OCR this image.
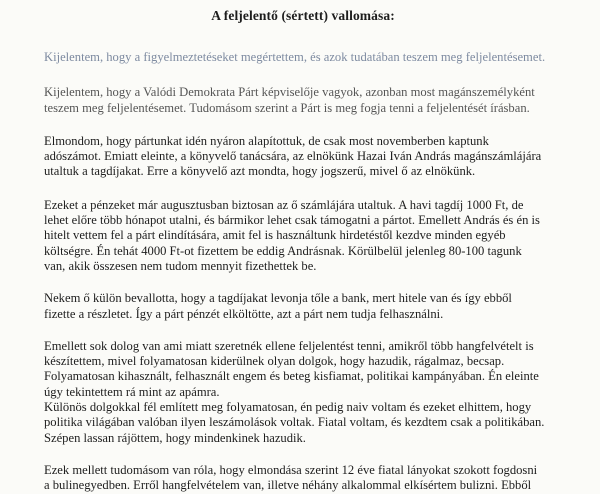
A feljelentő (sértett) vallomása:

Kijelentem, hogy a figyelmeztetéseket megértettem, és azok tudatában teszem meg feljelentésemet.

Kijelentem, hogy a Valódi Demokrata Párt képviselője vagyok, azonban most magánszemélyként
teszem meg feljelentésemet. Tudomásom szerint a Párt is meg fogja tenni a feljelentését írásban.

Elmondom, hogy pártunkat idén nyáron alapítottuk, de csak most novemberben kaptunk
adószámot. Emiatt eleinte, a könyvelő tanácsára, az elnökünk Hazai Iván András magánszámlájára
utaltuk a tagdíjakat. Erre a könyvelő azt mondta, hogy jogszerű, mivel ő az elnökünk.

Ezeket a pénzeket már augusztusban biztosan az ő számlájára utaltuk. A havi tagdíj 1000 Ft, de
lehet előre több hónapot utalni, és bármikor lehet csak támogatni a pártot. Emellett András és én is
hitelt vettem fel a párt elindítására, amit fel is használtunk hirdetéstől kezdve minden egyéb
költségre. Én tehát 4000 Ft-ot fizettem be eddig Andrásnak. Körülbelül jelenleg 80-100 tagunk
van, akik összesen nem tudom mennyit fizethettek be.

Nekem ő külön bevallotta, hogy a tagdíjakat levonja tőle a bank, mert hitele van és így ebből
fizette a részletet. Így a párt pénzét elköltötte, azt a párt nem tudja felhasználni.

Emellett sok dolog van ami miatt szeretnék ellene feljelentést tenni, amikről több hangfelvételt is
készítettem, mivel folyamatosan kiderülnek olyan dolgok, hogy hazudik, rágalmaz, becsap.
Folyamatosan kihasznált, felhasznált engem és beteg kisfiamat, politikai kampányában. Én eleinte
úgy tekintettem rá mint az apámra.
Különös dolgokkal fél említett meg folyamatosan, én pedig naiv voltam és ezeket elhittem, hogy
politika világában valóban ilyen leszámolások voltak. Fiatal voltam, és kezdtem csak a politikában.
Szépen lassan rájöttem, hogy mindenkinek hazudik.

Ezek mellett tudomásom van róla, hogy elmondása szerint 12 éve fiatal lányokat szokott fogdosni
a bulinegyedben. Erről hangfelvételem van, illetve néhány alkalommal elkísértem bulizni. Ebből
